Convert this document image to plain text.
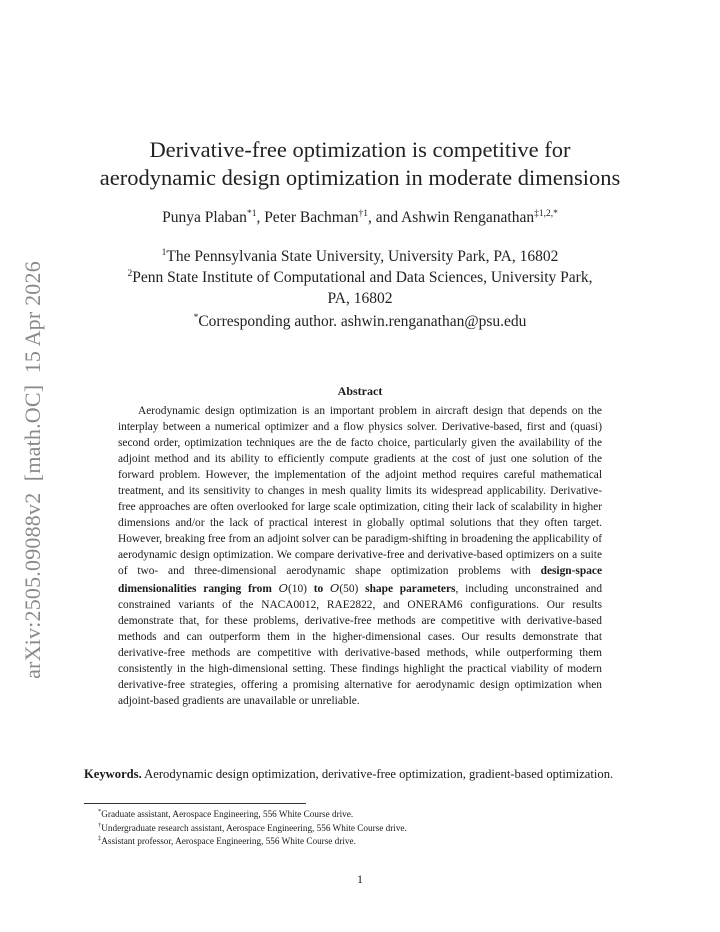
arXiv:2505.09088v2  [math.OC]  15 Apr 2026
Derivative-free optimization is competitive for
aerodynamic design optimization in moderate dimensions
Punya Plaban$^{*1}$, Peter Bachman$^{\dagger 1}$, and Ashwin Renganathan$^{\ddagger 1,2,*}$
$^1$The Pennsylvania State University, University Park, PA, 16802
$^2$Penn State Institute of Computational and Data Sciences, University Park,
PA, 16802
*Corresponding author. ashwin.renganathan@psu.edu
Abstract
Aerodynamic design optimization is an important problem in aircraft design that depends on the interplay between a numerical optimizer and a flow physics solver. Derivative-based, first and (quasi) second order, optimization techniques are the de facto choice, particularly given the availability of the adjoint method and its ability to efficiently compute gradients at the cost of just one solution of the forward problem. However, the implementation of the adjoint method requires careful mathematical treatment, and its sensitivity to changes in mesh quality limits its widespread applicability. Derivative-free approaches are often overlooked for large scale optimization, citing their lack of scalability in higher dimensions and/or the lack of practical interest in globally optimal solutions that they often target. However, breaking free from an adjoint solver can be paradigm-shifting in broadening the applicability of aerodynamic design optimization. We compare derivative-free and derivative-based optimizers on a suite of two- and three-dimensional aerodynamic shape optimization problems with design-space dimensionalities ranging from O(10) to O(50) shape parameters, including unconstrained and constrained variants of the NACA0012, RAE2822, and ONERAM6 configurations. Our results demonstrate that, for these problems, derivative-free methods are competitive with derivative-based methods and can outperform them in the higher-dimensional cases. Our results demonstrate that derivative-free methods are competitive with derivative-based methods, while outperforming them consistently in the high-dimensional setting. These findings highlight the practical viability of modern derivative-free strategies, offering a promising alternative for aerodynamic design optimization when adjoint-based gradients are unavailable or unreliable.
Keywords. Aerodynamic design optimization, derivative-free optimization, gradient-based optimization.
*Graduate assistant, Aerospace Engineering, 556 White Course drive.
†Undergraduate research assistant, Aerospace Engineering, 556 White Course drive.
‡Assistant professor, Aerospace Engineering, 556 White Course drive.
1
